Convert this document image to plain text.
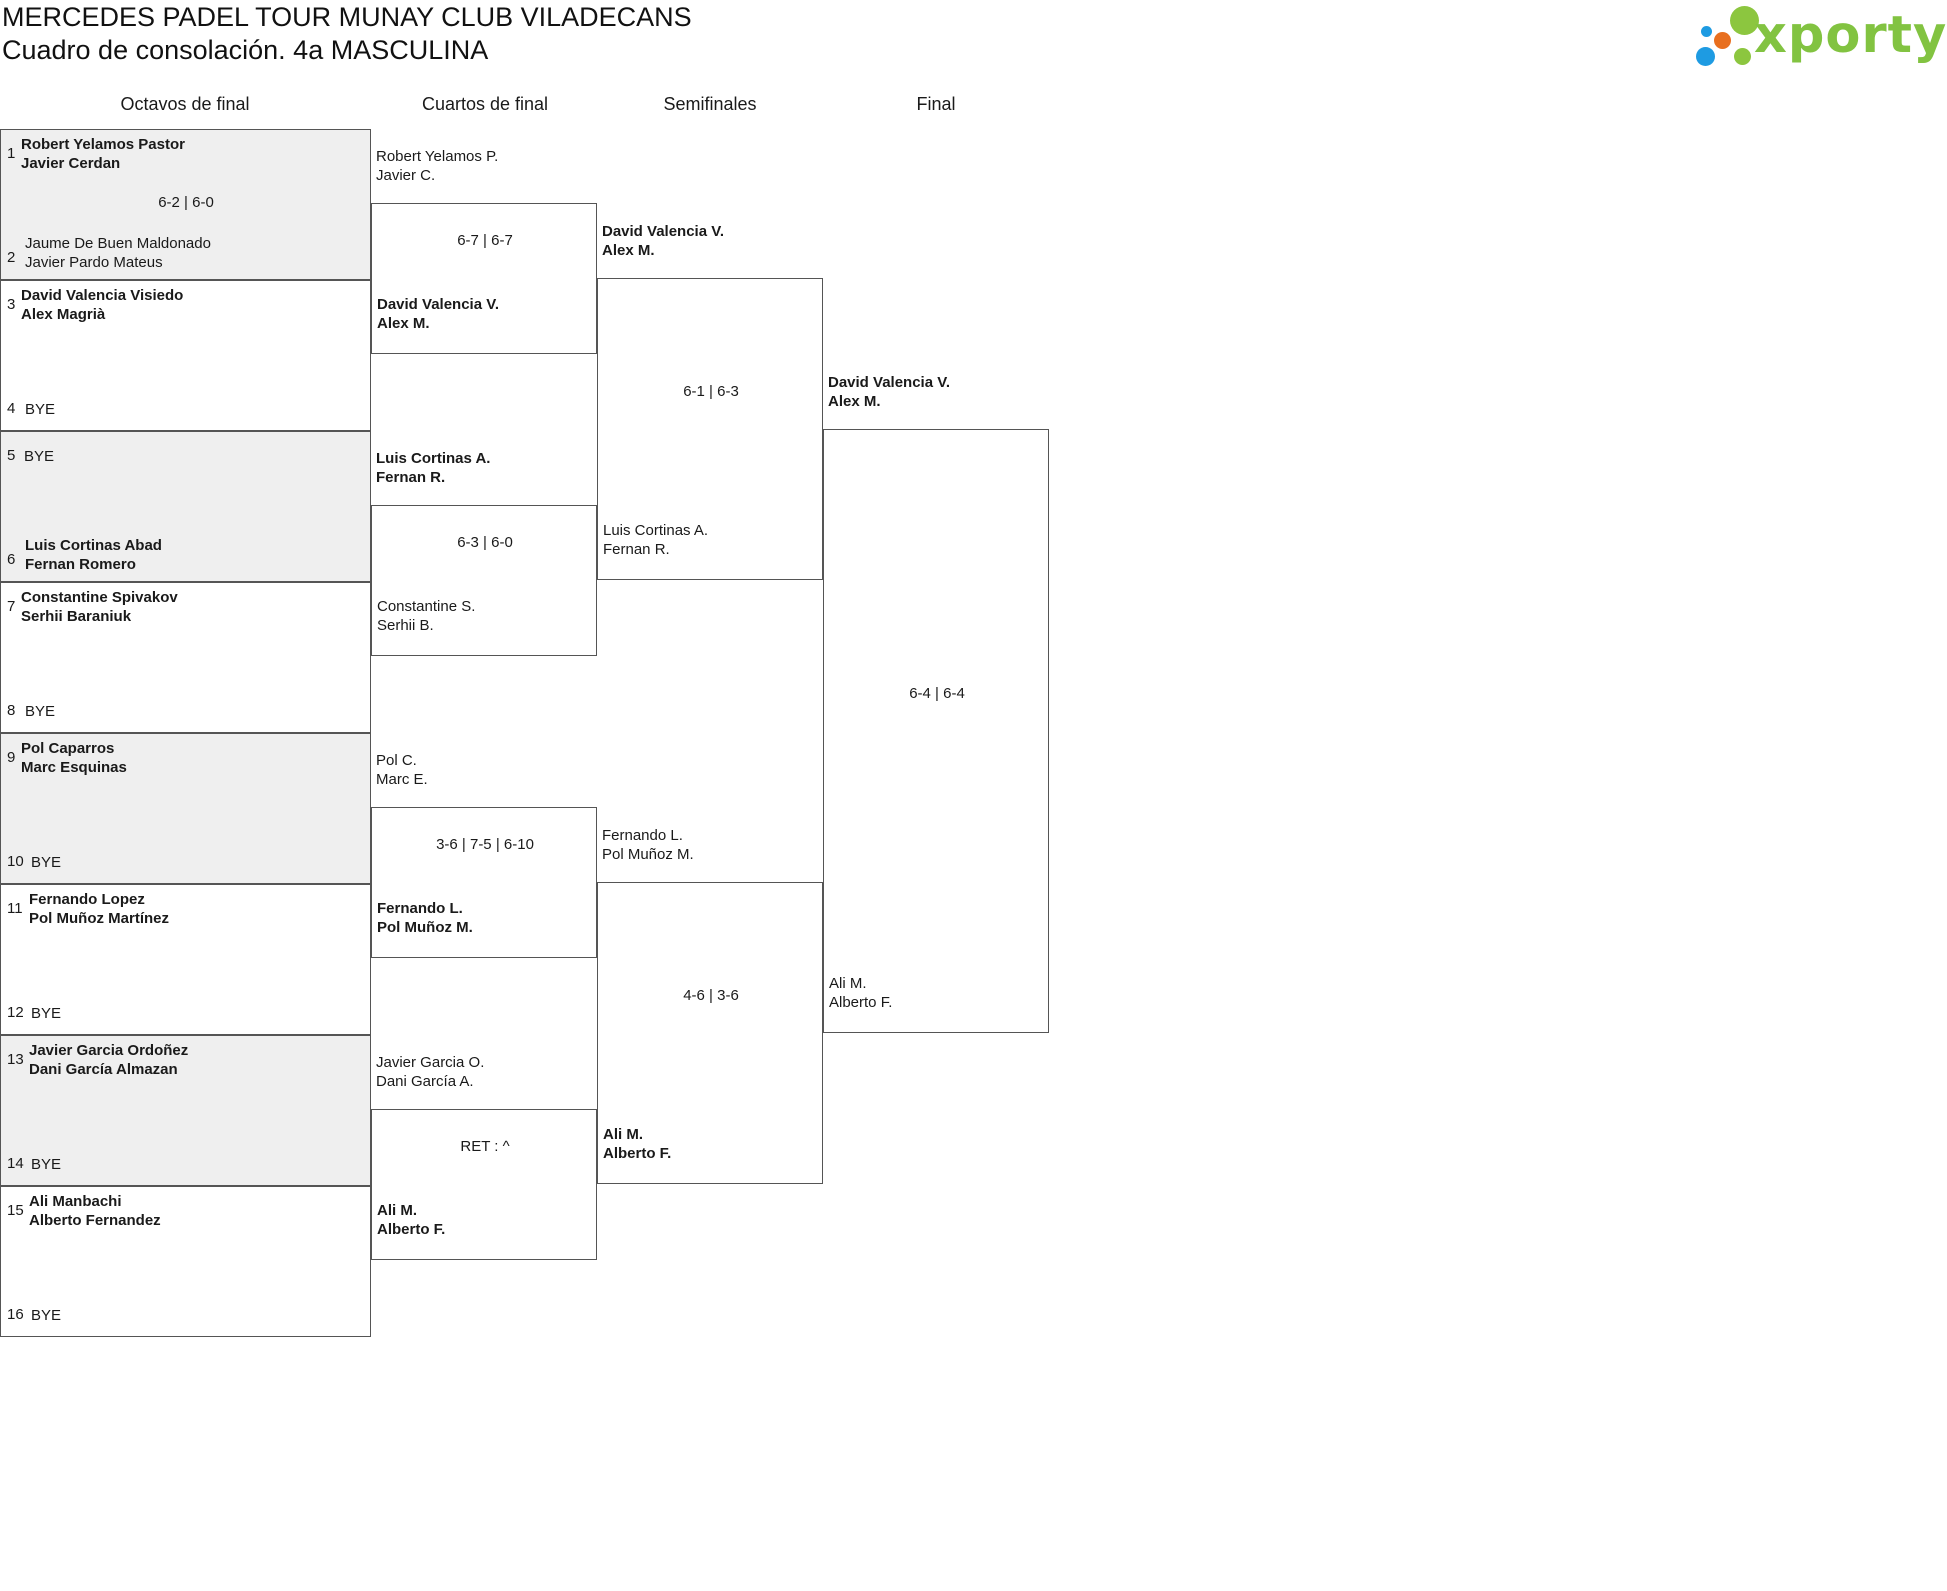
MERCEDES PADEL TOUR MUNAY CLUB VILADECANS
Cuadro de consolación. 4a MASCULINA	xporty
Octavos de final	Cuartos de final	Semifinales	Final
1
Robert Yelamos Pastor
Javier Cerdan
2
Jaume De Buen Maldonado
Javier Pardo Mateus
6-2 | 6-0
3
David Valencia Visiedo
Alex Magrià
4 BYE
5 BYE
6
Luis Cortinas Abad
Fernan Romero
7
Constantine Spivakov
Serhii Baraniuk
8 BYE
9
Pol Caparros
Marc Esquinas
10 BYE
11
Fernando Lopez
Pol Muñoz Martínez
12 BYE
13
Javier Garcia Ordoñez
Dani García Almazan
14 BYE
15
Ali Manbachi
Alberto Fernandez
16 BYE
Robert Yelamos P.
Javier C.
6-7 | 6-7
David Valencia V.
Alex M.
Luis Cortinas A.
Fernan R.
6-3 | 6-0
Constantine S.
Serhii B.
Pol C.
Marc E.
3-6 | 7-5 | 6-10
Fernando L.
Pol Muñoz M.
Javier Garcia O.
Dani García A.
RET : ^
Ali M.
Alberto F.
David Valencia V.
Alex M.
6-1 | 6-3
Luis Cortinas A.
Fernan R.
Fernando L.
Pol Muñoz M.
4-6 | 3-6
Ali M.
Alberto F.
David Valencia V.
Alex M.
6-4 | 6-4
Ali M.
Alberto F.
